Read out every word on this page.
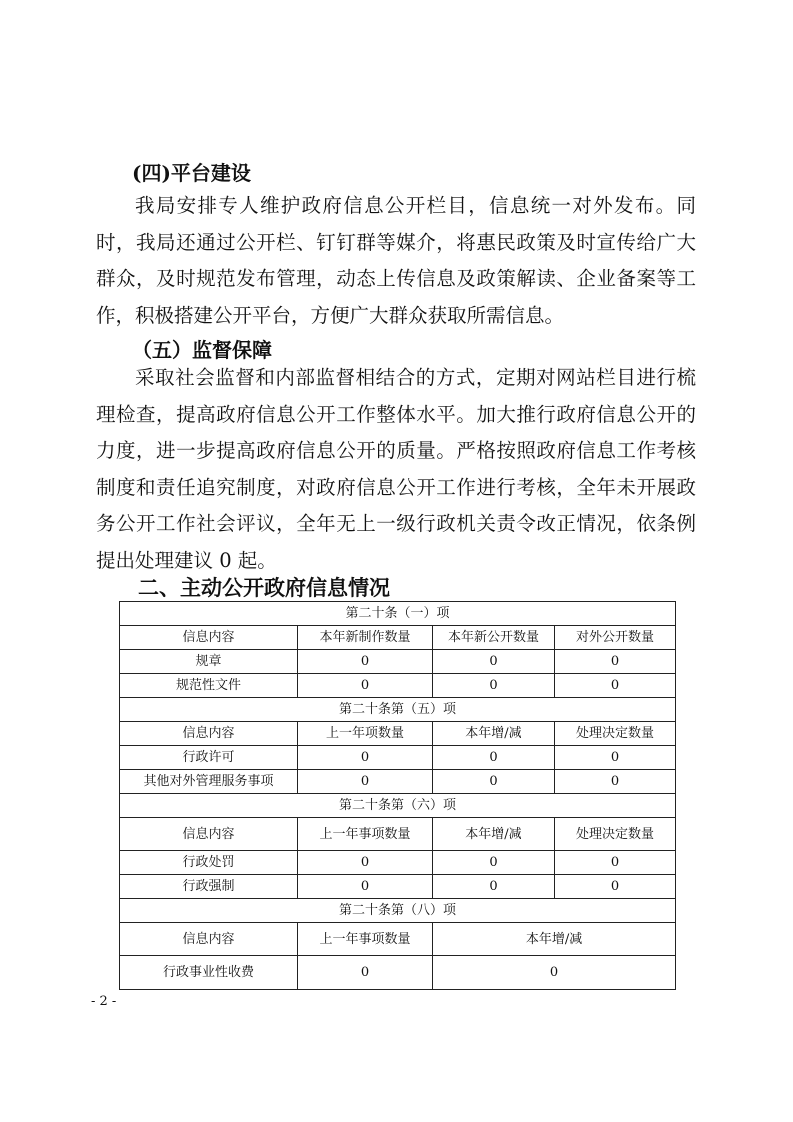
(四)平台建设

我局安排专人维护政府信息公开栏目，信息统一对外发布。同时，我局还通过公开栏、钉钉群等媒介，将惠民政策及时宣传给广大群众，及时规范发布管理，动态上传信息及政策解读、企业备案等工作，积极搭建公开平台，方便广大群众获取所需信息。

（五）监督保障

采取社会监督和内部监督相结合的方式，定期对网站栏目进行梳理检查，提高政府信息公开工作整体水平。加大推行政府信息公开的力度，进一步提高政府信息公开的质量。严格按照政府信息工作考核制度和责任追究制度，对政府信息公开工作进行考核，全年未开展政务公开工作社会评议，全年无上一级行政机关责令改正情况，依条例提出处理建议 0 起。

二、主动公开政府信息情况
第二十条（一）项			
信息内容	本年新制作数量	本年新公开数量	对外公开数量
规章	0	0	0
规范性文件	0	0	0
第二十条第（五）项			
信息内容	上一年项数量	本年增/减	处理决定数量
行政许可	0	0	0
其他对外管理服务事项	0	0	0
第二十条第（六）项			
信息内容	上一年事项数量	本年增/减	处理决定数量
行政处罚	0	0	0
行政强制	0	0	0
第二十条第（八）项			
信息内容	上一年事项数量	本年增/减	
行政事业性收费	0	0	
- 2 -
